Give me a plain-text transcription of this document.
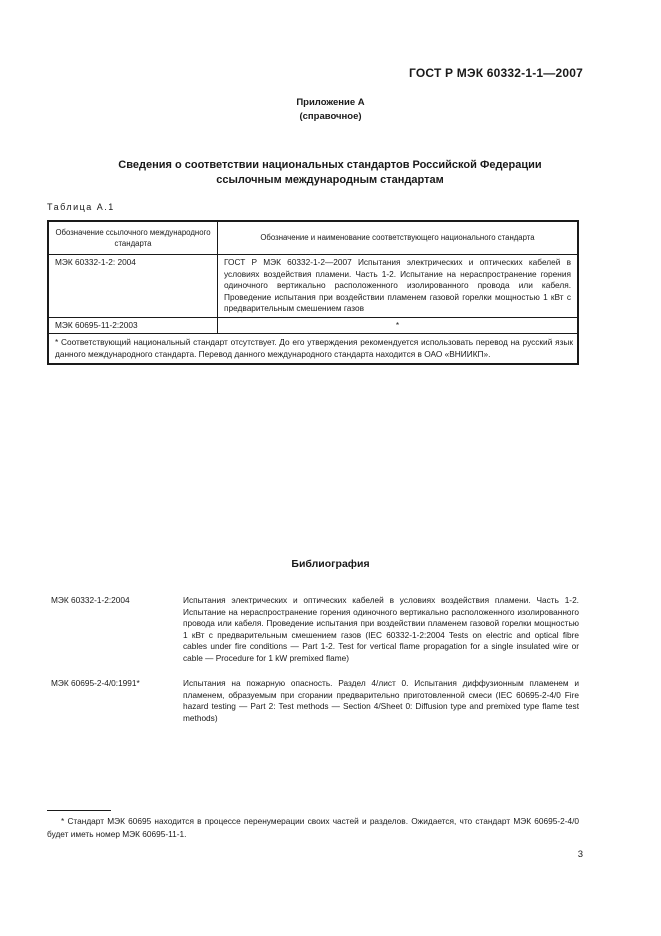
ГОСТ Р МЭК 60332-1-1—2007
Приложение А
(справочное)
Сведения о соответствии национальных стандартов Российской Федерации
ссылочным международным стандартам
Таблица А.1
Обозначение ссылочного международного стандарта	Обозначение и наименование соответствующего национального стандарта
МЭК 60332-1-2: 2004	ГОСТ Р МЭК 60332-1-2—2007 Испытания электрических и оптических кабелей в условиях воздействия пламени. Часть 1-2. Испытание на нераспространение горения одиночного вертикально расположенного изолированного провода или кабеля. Проведение испытания при воздействии пламенем газовой горелки мощностью 1 кВт с предварительным смешением газов
МЭК 60695-11-2:2003	*
* Соответствующий национальный стандарт отсутствует. До его утверждения рекомендуется использовать перевод на русский язык данного международного стандарта. Перевод данного международного стандарта находится в ОАО «ВНИИКП».	
Библиография
МЭК 60332-1-2:2004	Испытания электрических и оптических кабелей в условиях воздействия пламени. Часть 1-2. Испытание на нераспространение горения одиночного вертикально расположенного изолированного провода или кабеля. Проведение испытания при воздействии пламенем газовой горелки мощностью 1 кВт с предварительным смешением газов (IEC 60332-1-2:2004 Tests on electric and optical fibre cables under fire conditions — Part 1-2. Test for vertical flame propagation for a single insulated wire or cable — Procedure for 1 kW premixed flame)
МЭК 60695-2-4/0:1991*	Испытания на пожарную опасность. Раздел 4/лист 0. Испытания диффузионным пламенем и пламенем, образуемым при сгорании предварительно приготовленной смеси (IEC 60695-2-4/0 Fire hazard testing — Part 2: Test methods — Section 4/Sheet 0: Diffusion type and premixed type flame test methods)
* Стандарт МЭК 60695 находится в процессе перенумерации своих частей и разделов. Ожидается, что стандарт МЭК 60695-2-4/0 будет иметь номер МЭК 60695-11-1.
3
